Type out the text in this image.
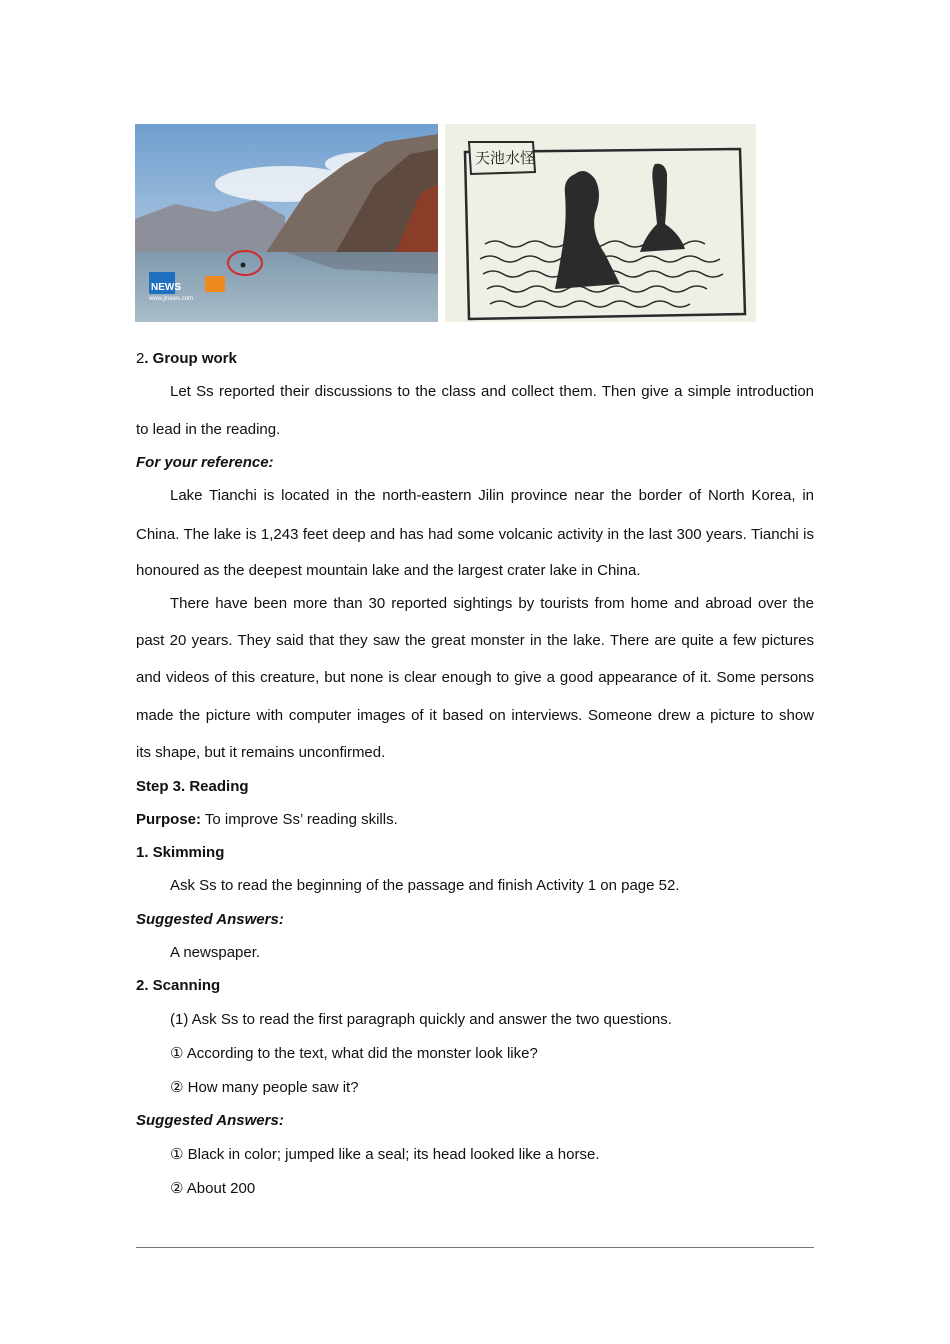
NEWS
www.jlnews.com
天池水怪
2. Group work
Let Ss reported their discussions to the class and collect them. Then give a simple introduction
to lead in the reading.
For your reference:
Lake Tianchi is located in the north-eastern Jilin province near the border of North Korea, in
China. The lake is 1,243 feet deep and has had some volcanic activity in the last 300 years. Tianchi is
honoured as the deepest mountain lake and the largest crater lake in China.
There have been more than 30 reported sightings by tourists from home and abroad over the
past 20 years. They said that they saw the great monster in the lake. There are quite a few pictures
and videos of this creature, but none is clear enough to give a good appearance of it. Some persons
made the picture with computer images of it based on interviews. Someone drew a picture to show
its shape, but it remains unconfirmed.
Step 3. Reading
Purpose: To improve Ss’ reading skills.
1. Skimming
Ask Ss to read the beginning of the passage and finish Activity 1 on page 52.
Suggested Answers:
A newspaper.
2. Scanning
(1) Ask Ss to read the first paragraph quickly and answer the two questions.
① According to the text, what did the monster look like?
② How many people saw it?
Suggested Answers:
① Black in color; jumped like a seal; its head looked like a horse.
② About 200
